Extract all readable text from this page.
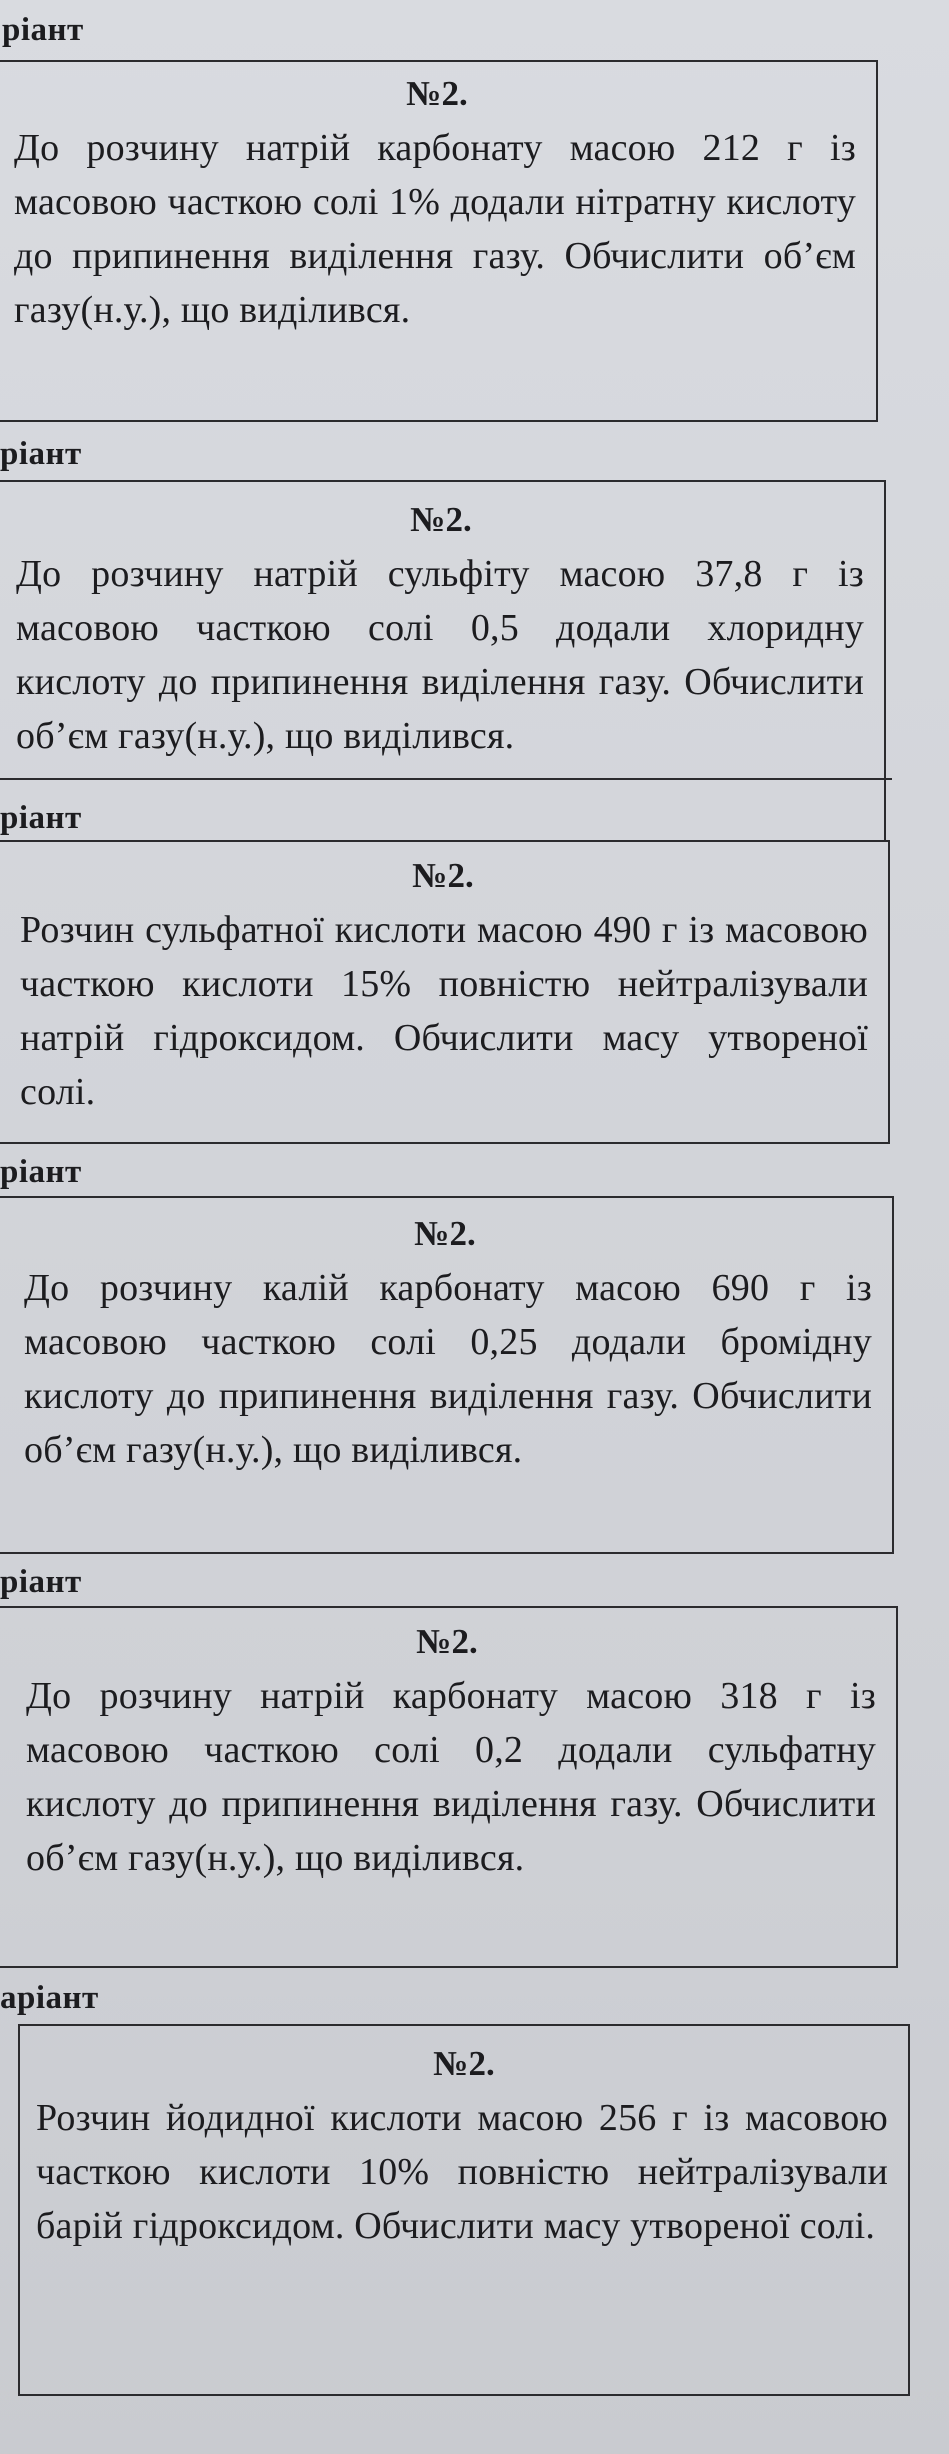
ріант
№2.
До розчину натрій карбонату масою 212 г із масовою часткою солі 1% додали нітратну кислоту до припинення виділення газу. Обчислити об’єм газу(н.у.), що виділився.
ріант
№2.
До розчину натрій сульфіту масою 37,8 г із масовою часткою солі 0,5 додали хлоридну кислоту до припинення виділення газу. Обчислити об’єм газу(н.у.), що виділився.
ріант
№2.
Розчин сульфатної кислоти масою 490 г із масовою часткою кислоти 15% повністю нейтралізували натрій гідроксидом. Обчислити масу утвореної солі.
ріант
№2.
До розчину калій карбонату масою 690 г із масовою часткою солі 0,25 додали бромідну кислоту до припинення виділення газу. Обчислити об’єм газу(н.у.), що виділився.
ріант
№2.
До розчину натрій карбонату масою 318 г із масовою часткою солі 0,2 додали сульфатну кислоту до припинення виділення газу. Обчислити об’єм газу(н.у.), що виділився.
аріант
№2.
Розчин йодидної кислоти масою 256 г із масовою часткою кислоти 10% повністю нейтралізували барій гідроксидом. Обчислити масу утвореної солі.
